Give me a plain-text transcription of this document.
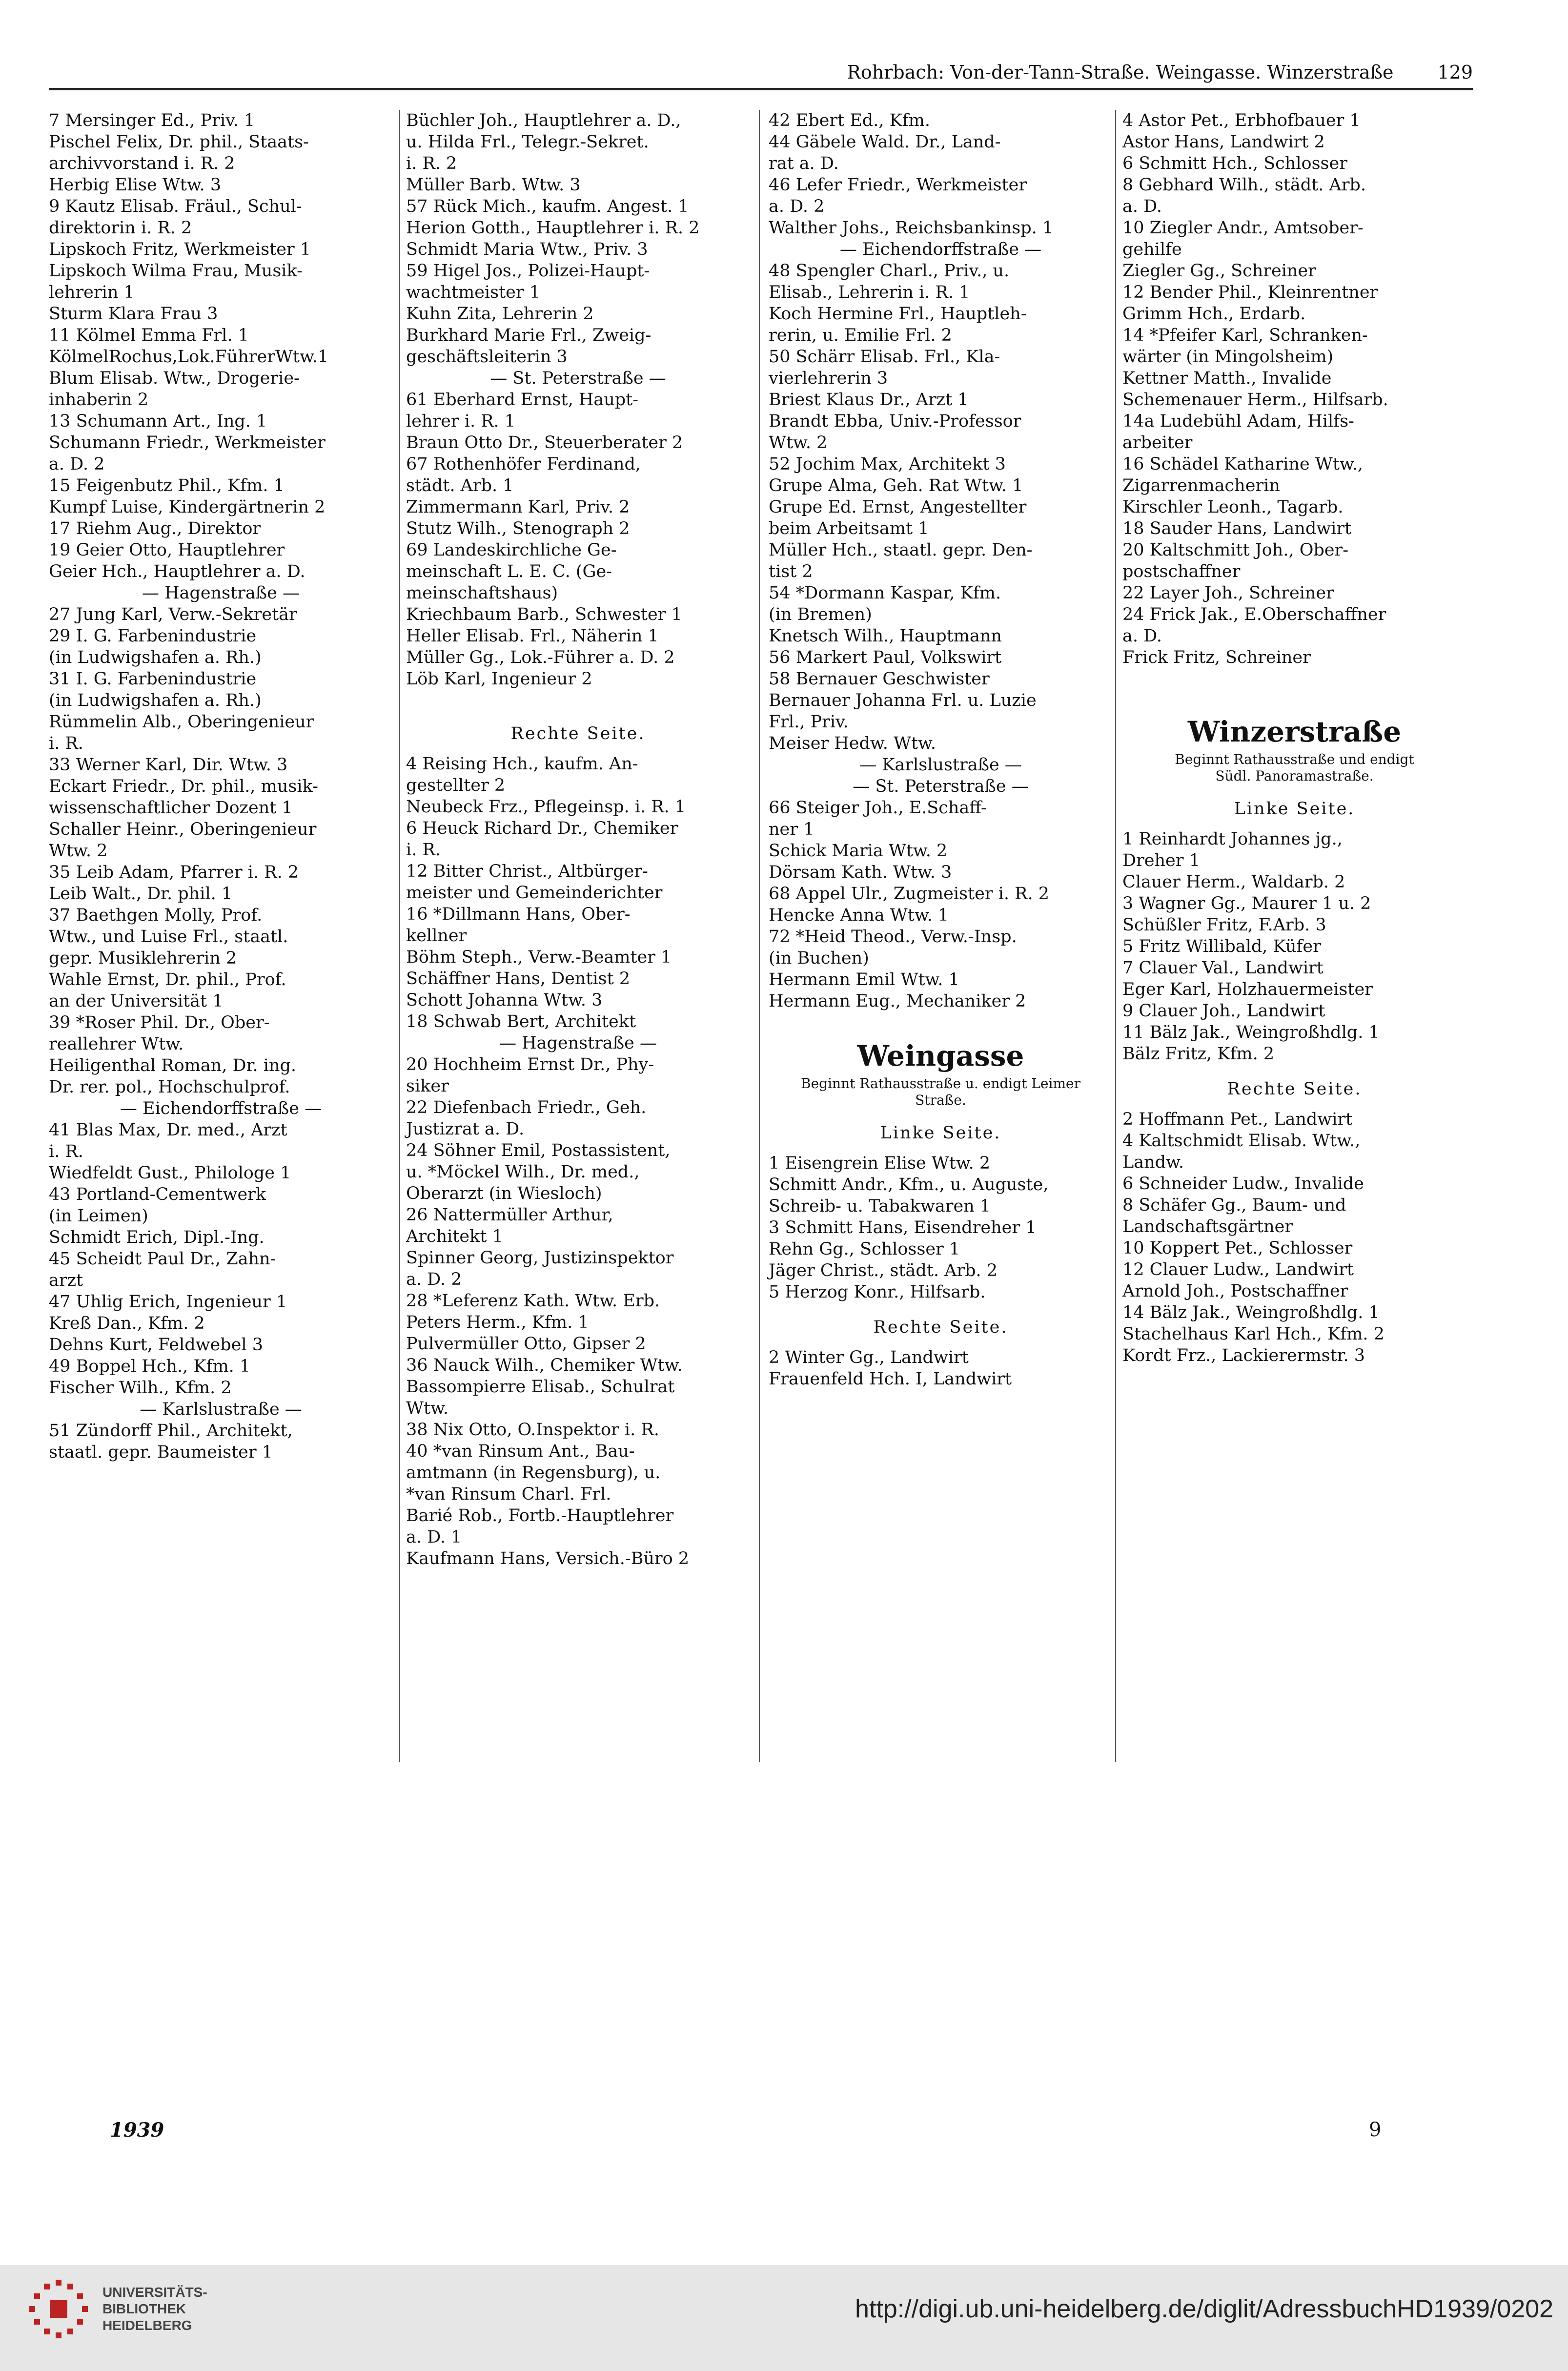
Rohrbach: Von-der-Tann-Straße. Weingasse. Winzerstraße 129
7 Mersinger Ed., Priv. 1
Pischel Felix, Dr. phil., Staats-
archivvorstand i. R. 2
Herbig Elise Wtw. 3
9 Kautz Elisab. Fräul., Schul-
direktorin i. R. 2
Lipskoch Fritz, Werkmeister 1
Lipskoch Wilma Frau, Musik-
lehrerin 1
Sturm Klara Frau 3
11 Kölmel Emma Frl. 1
KölmelRochus,Lok.FührerWtw.1
Blum Elisab. Wtw., Drogerie-
inhaberin 2
13 Schumann Art., Ing. 1
Schumann Friedr., Werkmeister
a. D. 2
15 Feigenbutz Phil., Kfm. 1
Kumpf Luise, Kindergärtnerin 2
17 Riehm Aug., Direktor
19 Geier Otto, Hauptlehrer
Geier Hch., Hauptlehrer a. D.
— Hagenstraße —
27 Jung Karl, Verw.-Sekretär
29 I. G. Farbenindustrie
(in Ludwigshafen a. Rh.)
31 I. G. Farbenindustrie
(in Ludwigshafen a. Rh.)
Rümmelin Alb., Oberingenieur
i. R.
33 Werner Karl, Dir. Wtw. 3
Eckart Friedr., Dr. phil., musik-
wissenschaftlicher Dozent 1
Schaller Heinr., Oberingenieur
Wtw. 2
35 Leib Adam, Pfarrer i. R. 2
Leib Walt., Dr. phil. 1
37 Baethgen Molly, Prof.
Wtw., und Luise Frl., staatl.
gepr. Musiklehrerin 2
Wahle Ernst, Dr. phil., Prof.
an der Universität 1
39 *Roser Phil. Dr., Ober-
reallehrer Wtw.
Heiligenthal Roman, Dr. ing.
Dr. rer. pol., Hochschulprof.
— Eichendorffstraße —
41 Blas Max, Dr. med., Arzt
i. R.
Wiedfeldt Gust., Philologe 1
43 Portland-Cementwerk
(in Leimen)
Schmidt Erich, Dipl.-Ing.
45 Scheidt Paul Dr., Zahn-
arzt
47 Uhlig Erich, Ingenieur 1
Kreß Dan., Kfm. 2
Dehns Kurt, Feldwebel 3
49 Boppel Hch., Kfm. 1
Fischer Wilh., Kfm. 2
— Karlslustraße —
51 Zündorff Phil., Architekt,
staatl. gepr. Baumeister 1
Büchler Joh., Hauptlehrer a. D.,
u. Hilda Frl., Telegr.-Sekret.
i. R. 2
Müller Barb. Wtw. 3
57 Rück Mich., kaufm. Angest. 1
Herion Gotth., Hauptlehrer i. R. 2
Schmidt Maria Wtw., Priv. 3
59 Higel Jos., Polizei-Haupt-
wachtmeister 1
Kuhn Zita, Lehrerin 2
Burkhard Marie Frl., Zweig-
geschäftsleiterin 3
— St. Peterstraße —
61 Eberhard Ernst, Haupt-
lehrer i. R. 1
Braun Otto Dr., Steuerberater 2
67 Rothenhöfer Ferdinand,
städt. Arb. 1
Zimmermann Karl, Priv. 2
Stutz Wilh., Stenograph 2
69 Landeskirchliche Ge-
meinschaft L. E. C. (Ge-
meinschaftshaus)
Kriechbaum Barb., Schwester 1
Heller Elisab. Frl., Näherin 1
Müller Gg., Lok.-Führer a. D. 2
Löb Karl, Ingenieur 2
Rechte Seite.
4 Reising Hch., kaufm. An-
gestellter 2
Neubeck Frz., Pflegeinsp. i. R. 1
6 Heuck Richard Dr., Chemiker
i. R.
12 Bitter Christ., Altbürger-
meister und Gemeinderichter
16 *Dillmann Hans, Ober-
kellner
Böhm Steph., Verw.-Beamter 1
Schäffner Hans, Dentist 2
Schott Johanna Wtw. 3
18 Schwab Bert, Architekt
— Hagenstraße —
20 Hochheim Ernst Dr., Phy-
siker
22 Diefenbach Friedr., Geh.
Justizrat a. D.
24 Söhner Emil, Postassistent,
u. *Möckel Wilh., Dr. med.,
Oberarzt (in Wiesloch)
26 Nattermüller Arthur,
Architekt 1
Spinner Georg, Justizinspektor
a. D. 2
28 *Leferenz Kath. Wtw. Erb.
Peters Herm., Kfm. 1
Pulvermüller Otto, Gipser 2
36 Nauck Wilh., Chemiker Wtw.
Bassompierre Elisab., Schulrat
Wtw.
38 Nix Otto, O.Inspektor i. R.
40 *van Rinsum Ant., Bau-
amtmann (in Regensburg), u.
*van Rinsum Charl. Frl.
Barié Rob., Fortb.-Hauptlehrer
a. D. 1
Kaufmann Hans, Versich.-Büro 2
42 Ebert Ed., Kfm.
44 Gäbele Wald. Dr., Land-
rat a. D.
46 Lefer Friedr., Werkmeister
a. D. 2
Walther Johs., Reichsbankinsp. 1
— Eichendorffstraße —
48 Spengler Charl., Priv., u.
Elisab., Lehrerin i. R. 1
Koch Hermine Frl., Hauptleh-
rerin, u. Emilie Frl. 2
50 Schärr Elisab. Frl., Kla-
vierlehrerin 3
Briest Klaus Dr., Arzt 1
Brandt Ebba, Univ.-Professor
Wtw. 2
52 Jochim Max, Architekt 3
Grupe Alma, Geh. Rat Wtw. 1
Grupe Ed. Ernst, Angestellter
beim Arbeitsamt 1
Müller Hch., staatl. gepr. Den-
tist 2
54 *Dormann Kaspar, Kfm.
(in Bremen)
Knetsch Wilh., Hauptmann
56 Markert Paul, Volkswirt
58 Bernauer Geschwister
Bernauer Johanna Frl. u. Luzie
Frl., Priv.
Meiser Hedw. Wtw.
— Karlslustraße —
— St. Peterstraße —
66 Steiger Joh., E.Schaff-
ner 1
Schick Maria Wtw. 2
Dörsam Kath. Wtw. 3
68 Appel Ulr., Zugmeister i. R. 2
Hencke Anna Wtw. 1
72 *Heid Theod., Verw.-Insp.
(in Buchen)
Hermann Emil Wtw. 1
Hermann Eug., Mechaniker 2
Weingasse
Beginnt Rathausstraße u. endigt Leimer
Straße.
Linke Seite.
1 Eisengrein Elise Wtw. 2
Schmitt Andr., Kfm., u. Auguste,
Schreib- u. Tabakwaren 1
3 Schmitt Hans, Eisendreher 1
Rehn Gg., Schlosser 1
Jäger Christ., städt. Arb. 2
5 Herzog Konr., Hilfsarb.
Rechte Seite.
2 Winter Gg., Landwirt
Frauenfeld Hch. I, Landwirt
4 Astor Pet., Erbhofbauer 1
Astor Hans, Landwirt 2
6 Schmitt Hch., Schlosser
8 Gebhard Wilh., städt. Arb.
a. D.
10 Ziegler Andr., Amtsober-
gehilfe
Ziegler Gg., Schreiner
12 Bender Phil., Kleinrentner
Grimm Hch., Erdarb.
14 *Pfeifer Karl, Schranken-
wärter (in Mingolsheim)
Kettner Matth., Invalide
Schemenauer Herm., Hilfsarb.
14a Ludebühl Adam, Hilfs-
arbeiter
16 Schädel Katharine Wtw.,
Zigarrenmacherin
Kirschler Leonh., Tagarb.
18 Sauder Hans, Landwirt
20 Kaltschmitt Joh., Ober-
postschaffner
22 Layer Joh., Schreiner
24 Frick Jak., E.Oberschaffner
a. D.
Frick Fritz, Schreiner
Winzerstraße
Beginnt Rathausstraße und endigt
Südl. Panoramastraße.
Linke Seite.
1 Reinhardt Johannes jg.,
Dreher 1
Clauer Herm., Waldarb. 2
3 Wagner Gg., Maurer 1 u. 2
Schüßler Fritz, F.Arb. 3
5 Fritz Willibald, Küfer
7 Clauer Val., Landwirt
Eger Karl, Holzhauermeister
9 Clauer Joh., Landwirt
11 Bälz Jak., Weingroßhdlg. 1
Bälz Fritz, Kfm. 2
Rechte Seite.
2 Hoffmann Pet., Landwirt
4 Kaltschmidt Elisab. Wtw.,
Landw.
6 Schneider Ludw., Invalide
8 Schäfer Gg., Baum- und
Landschaftsgärtner
10 Koppert Pet., Schlosser
12 Clauer Ludw., Landwirt
Arnold Joh., Postschaffner
14 Bälz Jak., Weingroßhdlg. 1
Stachelhaus Karl Hch., Kfm. 2
Kordt Frz., Lackierermstr. 3
1939	9
UNIVERSITÄTS-
BIBLIOTHEK
HEIDELBERG
http://digi.ub.uni-heidelberg.de/diglit/AdressbuchHD1939/0202
